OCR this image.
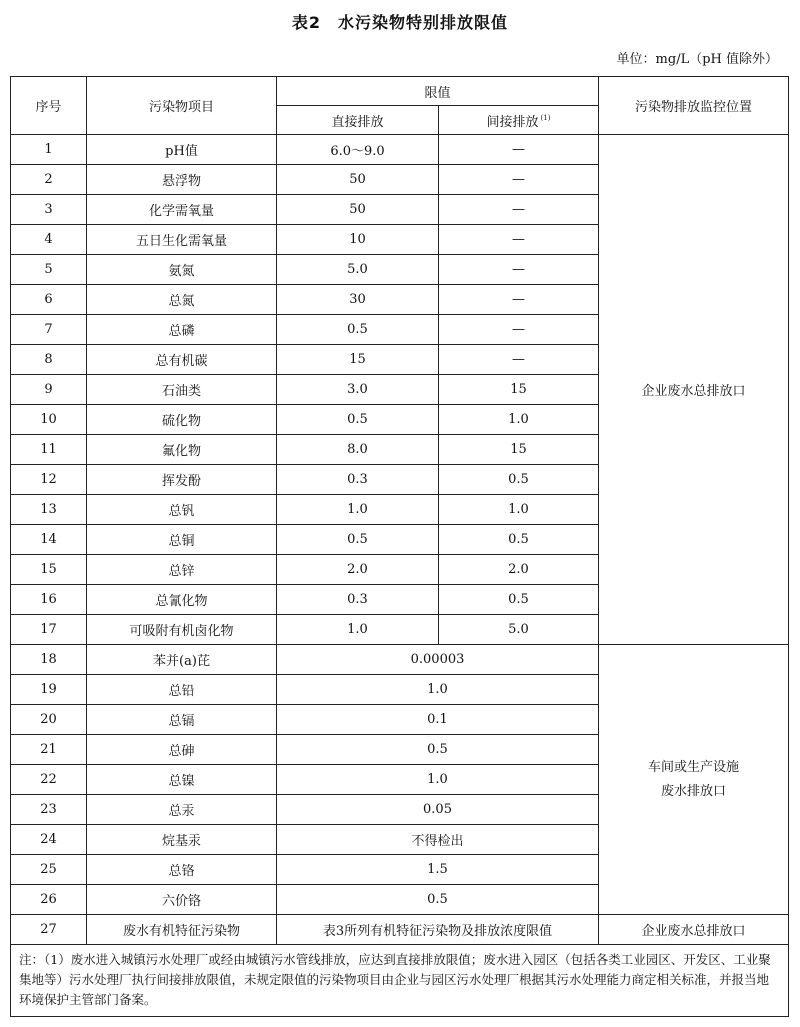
表2　水污染物特别排放限值
单位：mg/L（pH 值除外）
序号	污染物项目	限值		污染物排放监控位置
		直接排放	间接排放 $^{(1)}$
1	pH值	6.0～9.0	—	企业废水总排放口
2	悬浮物	50	—	
3	化学需氧量	50	—	
4	五日生化需氧量	10	—	
5	氨氮	5.0	—	
6	总氮	30	—	
7	总磷	0.5	—	
8	总有机碳	15	—	
9	石油类	3.0	15	
10	硫化物	0.5	1.0	
11	氟化物	8.0	15	
12	挥发酚	0.3	0.5	
13	总钒	1.0	1.0	
14	总铜	0.5	0.5	
15	总锌	2.0	2.0	
16	总氰化物	0.3	0.5	
17	可吸附有机卤化物	1.0	5.0	
18	苯并(a)芘	0.00003		车间或生产设施
废水排放口

19	总铅	1.0		
20	总镉	0.1		
21	总砷	0.5		
22	总镍	1.0		
23	总汞	0.05		
24	烷基汞	不得检出		
25	总铬	1.5		
26	六价铬	0.5		
27	废水有机特征污染物	表3所列有机特征污染物及排放浓度限值		企业废水总排放口
注：（1）废水进入城镇污水处理厂或经由城镇污水管线排放，应达到直接排放限值；废水进入园区（包括各类工业园区、开发区、工业聚集地等）污水处理厂执行间接排放限值，未规定限值的污染物项目由企业与园区污水处理厂根据其污水处理能力商定相关标准，并报当地环境保护主管部门备案。				
